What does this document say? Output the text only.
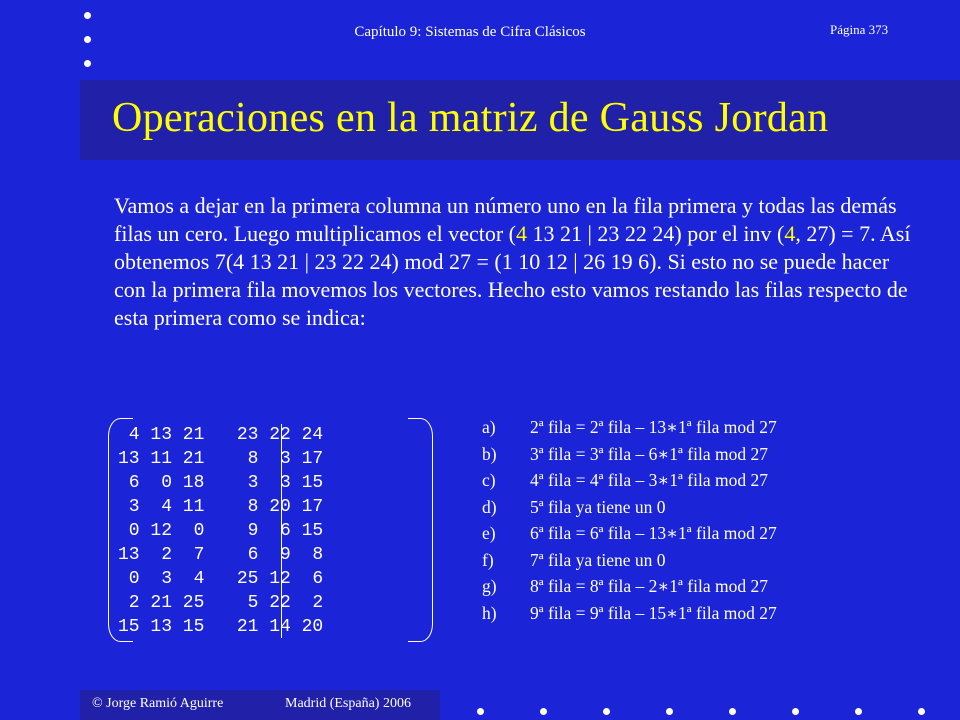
Capítulo 9: Sistemas de Cifra Clásicos	Página 373
Operaciones en la matriz de Gauss Jordan
Vamos a dejar en la primera columna un número uno en la fila primera y todas las demás filas un cero. Luego multiplicamos el vector (4 13 21 | 23 22 24) por el inv (4, 27) = 7. Así obtenemos 7(4 13 21 | 23 22 24) mod 27 = (1 10 12 | 26 19 6). Si esto no se puede hacer con la primera fila movemos los vectores. Hecho esto vamos restando las filas respecto de esta primera como se indica:
4 13 21   23 22 24
13 11 21    8  3 17
6  0 18    3  3 15
3  4 11    8 20 17
0 12  0    9  6 15
13  2  7    6  9  8
0  3  4   25 12  6
2 21 25    5 22  2
15 13 15   21 14 20
a)	2ª fila = 2ª fila – 13∗1ª fila mod 27
b)	3ª fila = 3ª fila – 6∗1ª fila mod 27
c)	4ª fila = 4ª fila – 3∗1ª fila mod 27
d)	5ª fila ya tiene un 0
e)	6ª fila = 6ª fila – 13∗1ª fila mod 27
f)	7ª fila ya tiene un 0
g)	8ª fila = 8ª fila – 2∗1ª fila mod 27
h)	9ª fila = 9ª fila – 15∗1ª fila mod 27
© Jorge Ramió Aguirre	Madrid (España) 2006
